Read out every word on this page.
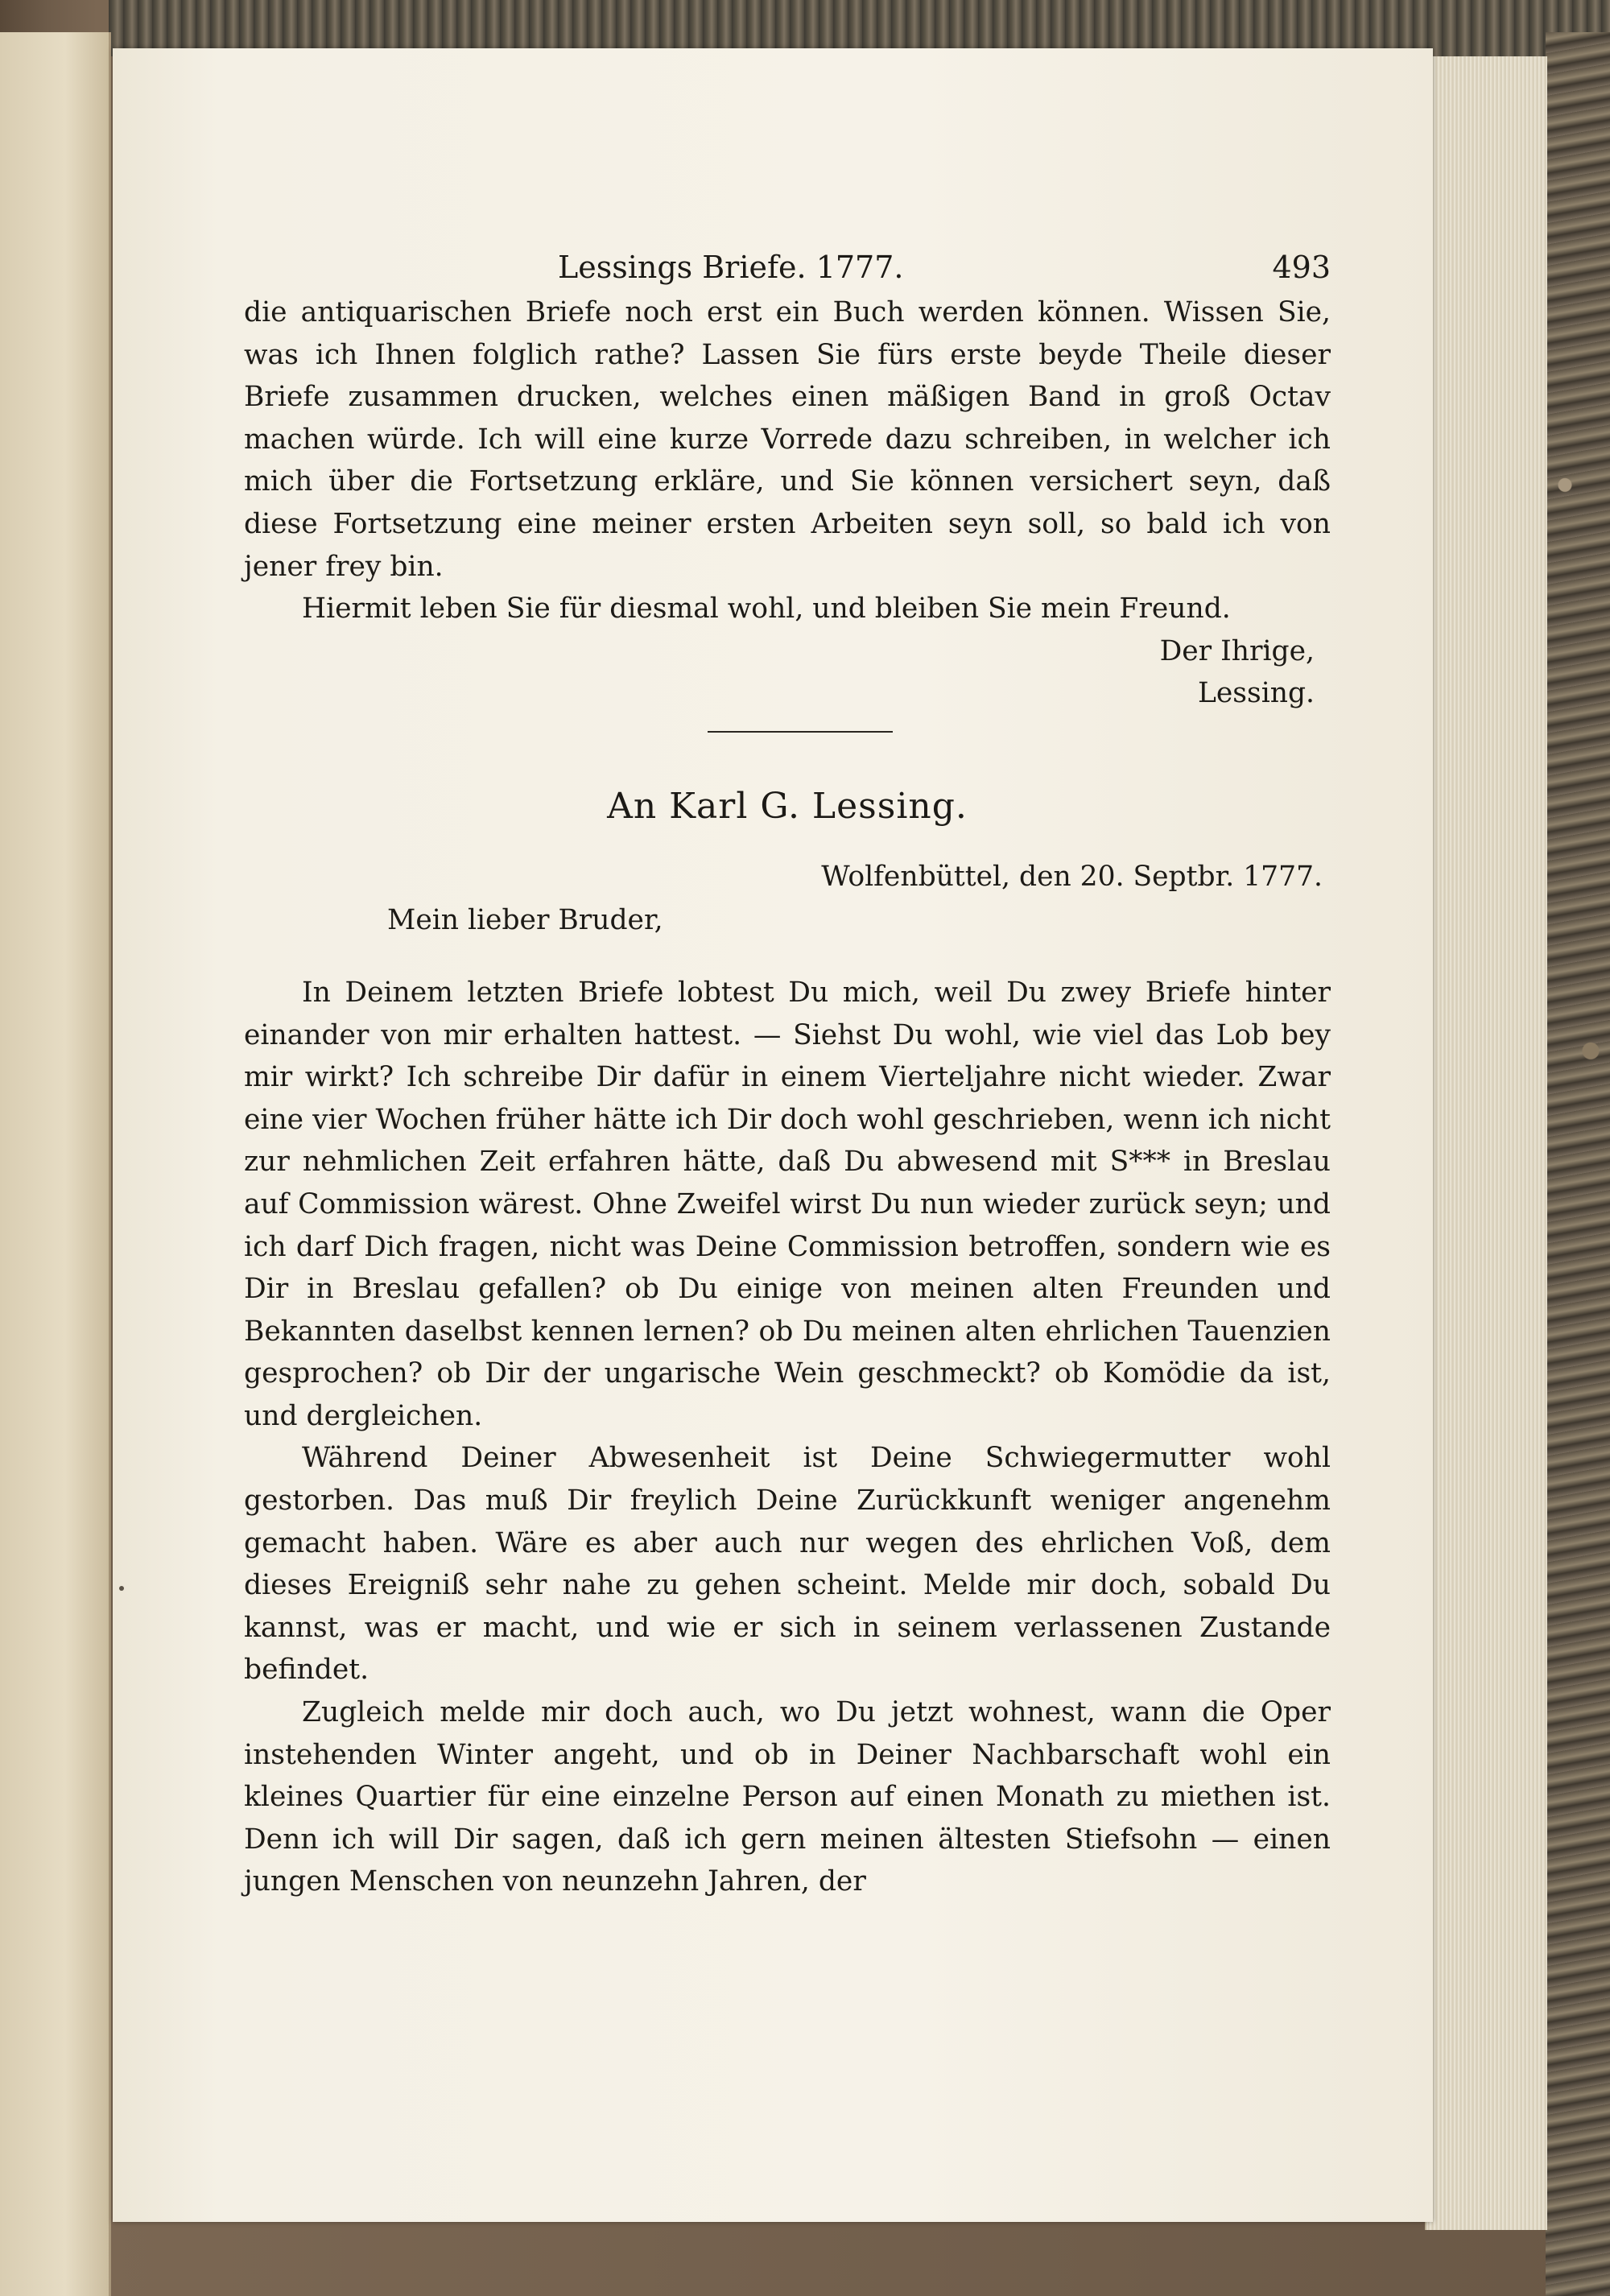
Lessings Briefe. 1777.	493

die antiquarischen Briefe noch erst ein Buch werden können. Wissen Sie, was ich Ihnen folglich rathe? Lassen Sie fürs erste beyde Theile dieser Briefe zusammen drucken, welches einen mäßigen Band in groß Octav machen würde. Ich will eine kurze Vorrede dazu schreiben, in welcher ich mich über die Fortsetzung erkläre, und Sie können versichert seyn, daß diese Fortsetzung eine meiner ersten Arbeiten seyn soll, so bald ich von jener frey bin.

Hiermit leben Sie für diesmal wohl, und bleiben Sie mein Freund.

Der Ihrige,
Lessing.
An Karl G. Lessing.
Wolfenbüttel, den 20. Septbr. 1777.
Mein lieber Bruder,

In Deinem letzten Briefe lobtest Du mich, weil Du zwey Briefe hinter einander von mir erhalten hattest. — Siehst Du wohl, wie viel das Lob bey mir wirkt? Ich schreibe Dir dafür in einem Vierteljahre nicht wieder. Zwar eine vier Wochen früher hätte ich Dir doch wohl geschrieben, wenn ich nicht zur nehmlichen Zeit erfahren hätte, daß Du abwesend mit S*** in Breslau auf Commission wärest. Ohne Zweifel wirst Du nun wieder zurück seyn; und ich darf Dich fragen, nicht was Deine Commission betroffen, sondern wie es Dir in Breslau gefallen? ob Du einige von meinen alten Freunden und Bekannten daselbst kennen lernen? ob Du meinen alten ehrlichen Tauenzien gesprochen? ob Dir der ungarische Wein geschmeckt? ob Komödie da ist, und dergleichen.

Während Deiner Abwesenheit ist Deine Schwiegermutter wohl gestorben. Das muß Dir freylich Deine Zurückkunft weniger angenehm gemacht haben. Wäre es aber auch nur wegen des ehrlichen Voß, dem dieses Ereigniß sehr nahe zu gehen scheint. Melde mir doch, sobald Du kannst, was er macht, und wie er sich in seinem verlassenen Zustande befindet.

Zugleich melde mir doch auch, wo Du jetzt wohnest, wann die Oper instehenden Winter angeht, und ob in Deiner Nachbarschaft wohl ein kleines Quartier für eine einzelne Person auf einen Monath zu miethen ist. Denn ich will Dir sagen, daß ich gern meinen ältesten Stiefsohn — einen jungen Menschen von neunzehn Jahren, der
